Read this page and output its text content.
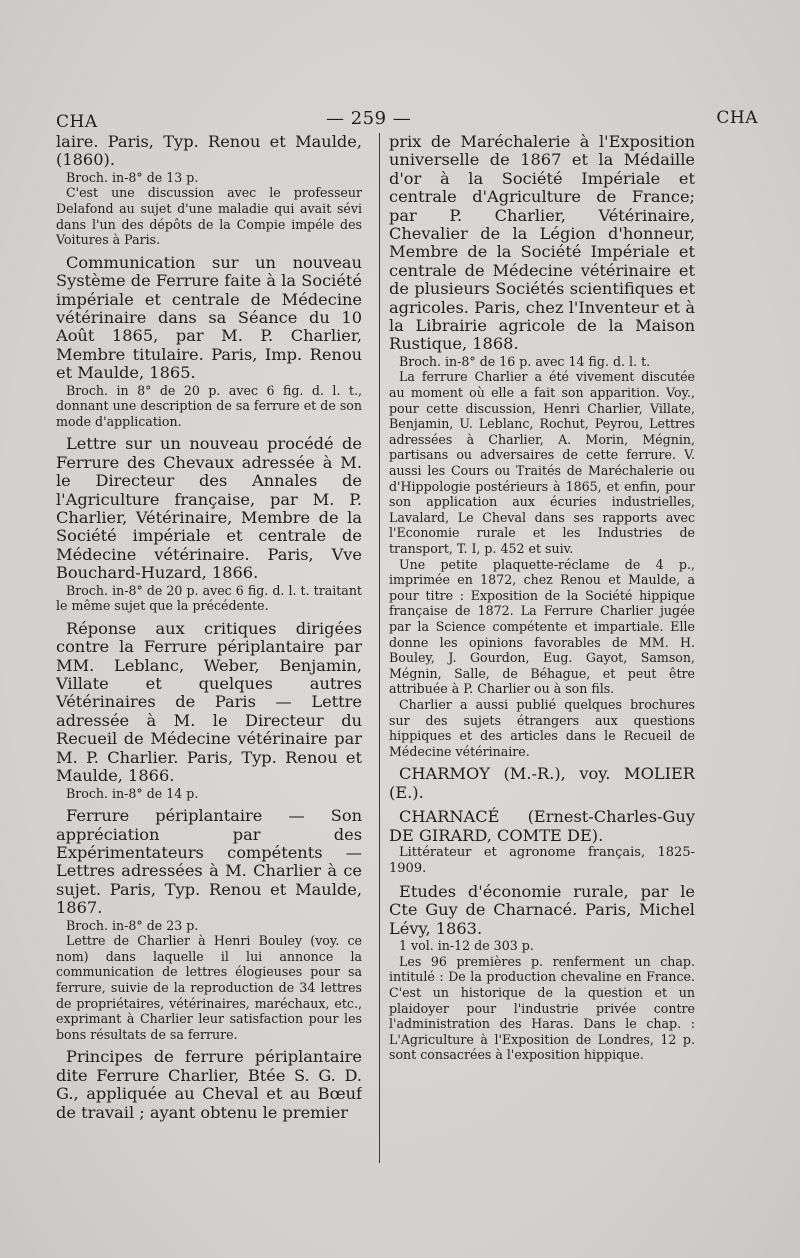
CHA	— 259 —	CHA

laire. Paris, Typ. Renou et Maulde, (1860).

Broch. in-8° de 13 p.

C'est une discussion avec le professeur Delafond au sujet d'une maladie qui avait sévi dans l'un des dépôts de la Compie impéle des Voitures à Paris.

Communication sur un nouveau Système de Ferrure faite à la Société impériale et centrale de Médecine vétérinaire dans sa Séance du 10 Août 1865, par M. P. Charlier, Membre titulaire. Paris, Imp. Renou et Maulde, 1865.

Broch. in 8° de 20 p. avec 6 fig. d. l. t., donnant une description de sa ferrure et de son mode d'application.

Lettre sur un nouveau procédé de Ferrure des Chevaux adressée à M. le Directeur des Annales de l'Agriculture française, par M. P. Charlier, Vétérinaire, Membre de la Société impériale et centrale de Médecine vétérinaire. Paris, Vve Bouchard-Huzard, 1866.

Broch. in-8° de 20 p. avec 6 fig. d. l. t. traitant le même sujet que la précédente.

Réponse aux critiques dirigées contre la Ferrure périplantaire par MM. Leblanc, Weber, Benjamin, Villate et quelques autres Vétérinaires de Paris — Lettre adressée à M. le Directeur du Recueil de Médecine vétérinaire par M. P. Charlier. Paris, Typ. Renou et Maulde, 1866.

Broch. in-8° de 14 p.

Ferrure périplantaire — Son appréciation par des Expérimentateurs compétents — Lettres adressées à M. Charlier à ce sujet. Paris, Typ. Renou et Maulde, 1867.

Broch. in-8° de 23 p.

Lettre de Charlier à Henri Bouley (voy. ce nom) dans laquelle il lui annonce la communication de lettres élogieuses pour sa ferrure, suivie de la reproduction de 34 lettres de propriétaires, vétérinaires, maréchaux, etc., exprimant à Charlier leur satisfaction pour les bons résultats de sa ferrure.

Principes de ferrure périplantaire dite Ferrure Charlier, Btée S. G. D. G., appliquée au Cheval et au Bœuf de travail ; ayant obtenu le premier

prix de Maréchalerie à l'Exposition universelle de 1867 et la Médaille d'or à la Société Impériale et centrale d'Agriculture de France; par P. Charlier, Vétérinaire, Chevalier de la Légion d'honneur, Membre de la Société Impériale et centrale de Médecine vétérinaire et de plusieurs Sociétés scientifiques et agricoles. Paris, chez l'Inventeur et à la Librairie agricole de la Maison Rustique, 1868.

Broch. in-8° de 16 p. avec 14 fig. d. l. t.

La ferrure Charlier a été vivement discutée au moment où elle a fait son apparition. Voy., pour cette discussion, Henri Charlier, Villate, Benjamin, U. Leblanc, Rochut, Peyrou, Lettres adressées à Charlier, A. Morin, Mégnin, partisans ou adversaires de cette ferrure. V. aussi les Cours ou Traités de Maréchalerie ou d'Hippologie postérieurs à 1865, et enfin, pour son application aux écuries industrielles, Lavalard, Le Cheval dans ses rapports avec l'Economie rurale et les Industries de transport, T. I, p. 452 et suiv.

Une petite plaquette-réclame de 4 p., imprimée en 1872, chez Renou et Maulde, a pour titre : Exposition de la Société hippique française de 1872. La Ferrure Charlier jugée par la Science compétente et impartiale. Elle donne les opinions favorables de MM. H. Bouley, J. Gourdon, Eug. Gayot, Samson, Mégnin, Salle, de Béhague, et peut être attribuée à P. Charlier ou à son fils.

Charlier a aussi publié quelques brochures sur des sujets étrangers aux questions hippiques et des articles dans le Recueil de Médecine vétérinaire.

CHARMOY (M.-R.), voy. MOLIER (E.).

CHARNACÉ (Ernest-Charles-Guy DE GIRARD, COMTE DE).

Littérateur et agronome français, 1825-1909.

Etudes d'économie rurale, par le Cte Guy de Charnacé. Paris, Michel Lévy, 1863.

1 vol. in-12 de 303 p.

Les 96 premières p. renferment un chap. intitulé : De la production chevaline en France. C'est un historique de la question et un plaidoyer pour l'industrie privée contre l'administration des Haras. Dans le chap. : L'Agriculture à l'Exposition de Londres, 12 p. sont consacrées à l'exposition hippique.
